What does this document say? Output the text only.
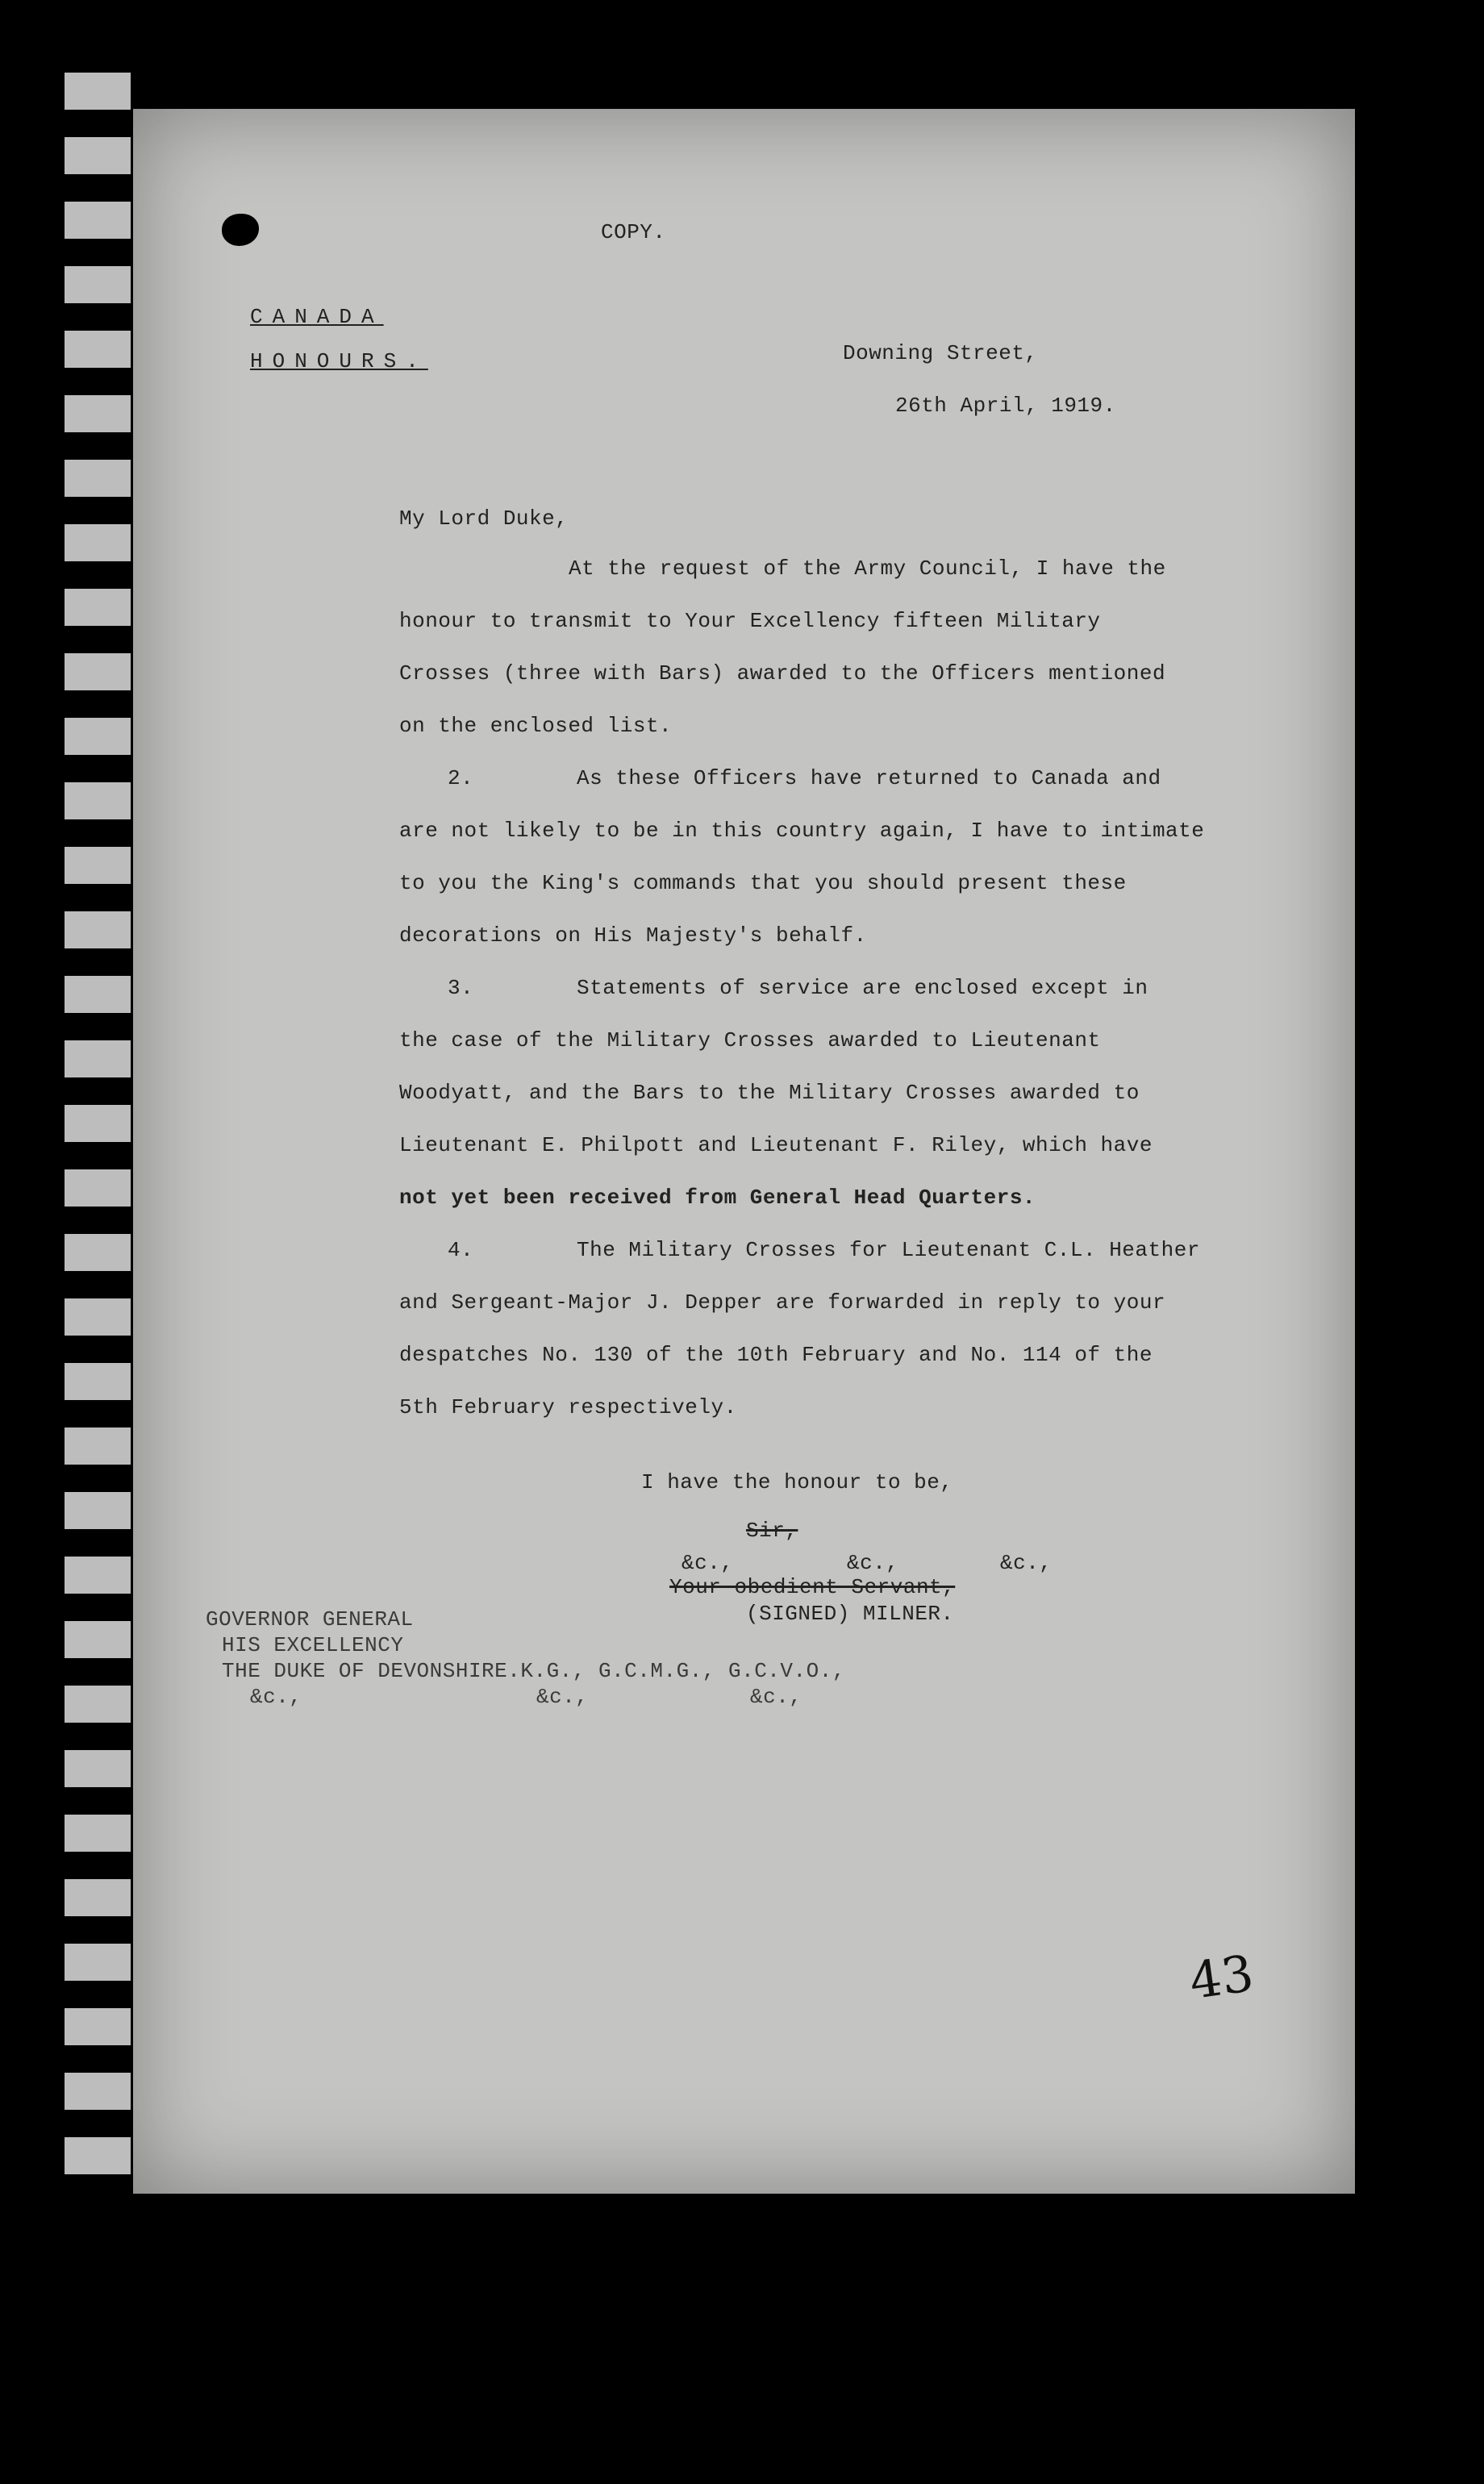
COPY.
CANADA
HONOURS.	Downing Street,
26th April, 1919.
My Lord Duke,
At the request of the Army Council, I have the
honour to transmit to Your Excellency fifteen Military
Crosses (three with Bars) awarded to the Officers mentioned
on the enclosed list.
2.	As these Officers have returned to Canada and
are not likely to be in this country again, I have to intimate
to you the King's commands that you should present these
decorations on His Majesty's behalf.
3.	Statements of service are enclosed except in
the case of the Military Crosses awarded to Lieutenant
Woodyatt, and the Bars to the Military Crosses awarded to
Lieutenant E. Philpott and Lieutenant F. Riley, which have
not yet been received from General Head Quarters.
4.	The Military Crosses for Lieutenant C.L. Heather
and Sergeant-Major J. Depper are forwarded in reply to your
despatches No. 130 of the 10th February and No. 114 of the
5th February respectively.
I have the honour to be,
Sir,
&c.,	&c.,	&c.,
Your obedient Servant,
(SIGNED) MILNER.
GOVERNOR GENERAL
HIS EXCELLENCY
THE DUKE OF DEVONSHIRE.K.G., G.C.M.G., G.C.V.O.,
&c.,	&c.,	&c.,
43
